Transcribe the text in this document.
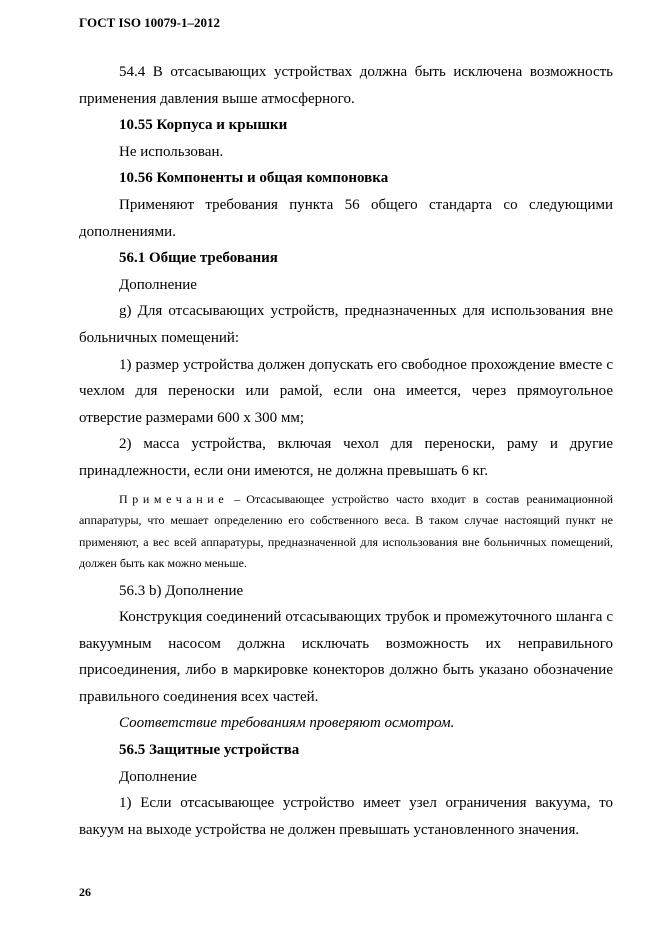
ГОСТ ISO 10079-1–2012

54.4 В отсасывающих устройствах должна быть исключена возможность применения давления выше атмосферного.

10.55 Корпуса и крышки

Не использован.

10.56 Компоненты и общая компоновка

Применяют требования пункта 56 общего стандарта со следующими дополнениями.

56.1 Общие требования

Дополнение

g) Для отсасывающих устройств, предназначенных для использования вне больничных помещений:

1) размер устройства должен допускать его свободное прохождение вместе с чехлом для переноски или рамой, если она имеется, через прямоугольное отверстие размерами 600 х 300 мм;

2) масса устройства, включая чехол для переноски, раму и другие принадлежности, если они имеются, не должна превышать 6 кг.

Примечание – Отсасывающее устройство часто входит в состав реанимационной аппаратуры, что мешает определению его собственного веса. В таком случае настоящий пункт не применяют, а вес всей аппаратуры, предназначенной для использования вне больничных помещений, должен быть как можно меньше.

56.3 b) Дополнение

Конструкция соединений отсасывающих трубок и промежуточного шланга с вакуумным насосом должна исключать возможность их неправильного присоединения, либо в маркировке конекторов должно быть указано обозначение правильного соединения всех частей.

Соответствие требованиям проверяют осмотром.

56.5 Защитные устройства

Дополнение

1) Если отсасывающее устройство имеет узел ограничения вакуума, то вакуум на выходе устройства не должен превышать установленного значения.

26
